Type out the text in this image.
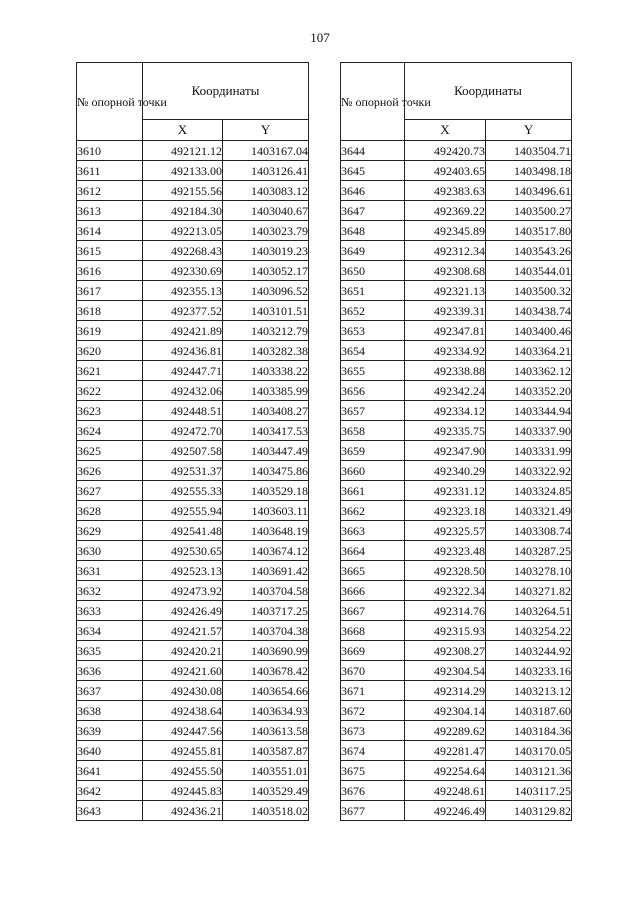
107
№ опорной точки	Координаты	
	X	Y
3610	492121.12	1403167.04
3611	492133.00	1403126.41
3612	492155.56	1403083.12
3613	492184.30	1403040.67
3614	492213.05	1403023.79
3615	492268.43	1403019.23
3616	492330.69	1403052.17
3617	492355.13	1403096.52
3618	492377.52	1403101.51
3619	492421.89	1403212.79
3620	492436.81	1403282.38
3621	492447.71	1403338.22
3622	492432.06	1403385.99
3623	492448.51	1403408.27
3624	492472.70	1403417.53
3625	492507.58	1403447.49
3626	492531.37	1403475.86
3627	492555.33	1403529.18
3628	492555.94	1403603.11
3629	492541.48	1403648.19
3630	492530.65	1403674.12
3631	492523.13	1403691.42
3632	492473.92	1403704.58
3633	492426.49	1403717.25
3634	492421.57	1403704.38
3635	492420.21	1403690.99
3636	492421.60	1403678.42
3637	492430.08	1403654.66
3638	492438.64	1403634.93
3639	492447.56	1403613.58
3640	492455.81	1403587.87
3641	492455.50	1403551.01
3642	492445.83	1403529.49
3643	492436.21	1403518.02
№ опорной точки	Координаты	
	X	Y
3644	492420.73	1403504.71
3645	492403.65	1403498.18
3646	492383.63	1403496.61
3647	492369.22	1403500.27
3648	492345.89	1403517.80
3649	492312.34	1403543.26
3650	492308.68	1403544.01
3651	492321.13	1403500.32
3652	492339.31	1403438.74
3653	492347.81	1403400.46
3654	492334.92	1403364.21
3655	492338.88	1403362.12
3656	492342.24	1403352.20
3657	492334.12	1403344.94
3658	492335.75	1403337.90
3659	492347.90	1403331.99
3660	492340.29	1403322.92
3661	492331.12	1403324.85
3662	492323.18	1403321.49
3663	492325.57	1403308.74
3664	492323.48	1403287.25
3665	492328.50	1403278.10
3666	492322.34	1403271.82
3667	492314.76	1403264.51
3668	492315.93	1403254.22
3669	492308.27	1403244.92
3670	492304.54	1403233.16
3671	492314.29	1403213.12
3672	492304.14	1403187.60
3673	492289.62	1403184.36
3674	492281.47	1403170.05
3675	492254.64	1403121.36
3676	492248.61	1403117.25
3677	492246.49	1403129.82
